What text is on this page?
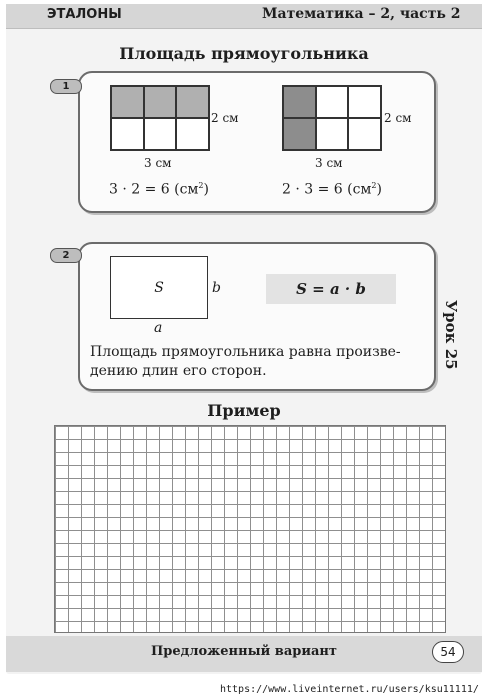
ЭТАЛОНЫ	Математика – 2, часть 2
Площадь прямоугольника
1
2 см
3 см
3 · 2 = 6 $(см^2)$
2 см
3 см
2 · 3 = 6 $(см^2)$
2
S	b
a
S = a · b
Площадь прямоугольника равна произве-
дению длин его сторон.
Урок 25
Пример
Предложенный вариант	54
https://www.liveinternet.ru/users/ksu11111/
